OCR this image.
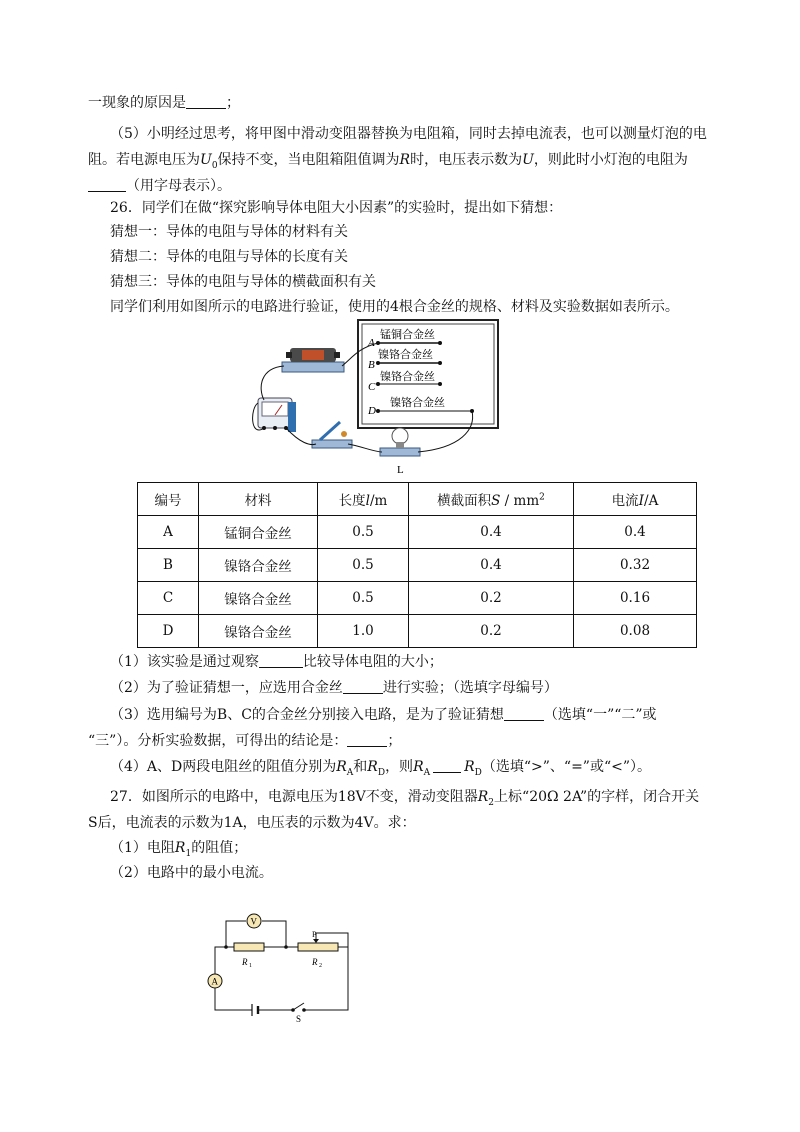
一现象的原因是	；
（5）小明经过思考，将甲图中滑动变阻器替换为电阻箱，同时去掉电流表，也可以测量灯泡的电
阻。若电源电压为$U_0$保持不变，当电阻箱阻值调为R时，电压表示数为U，则此时小灯泡的电阻为
（用字母表示）。
26．同学们在做“探究影响导体电阻大小因素”的实验时，提出如下猜想：
猜想一：导体的电阻与导体的材料有关
猜想二：导体的电阻与导体的长度有关
猜想三：导体的电阻与导体的横截面积有关
同学们利用如图所示的电路进行验证，使用的4根合金丝的规格、材料及实验数据如表所示。
A
锰铜合金丝
B
镍铬合金丝
C
镍铬合金丝
D
镍铬合金丝
L
编号	材料	长度l/m	横截面积S / $mm^2$	电流I/A
A	锰铜合金丝	0.5	0.4	0.4
B	镍铬合金丝	0.5	0.4	0.32
C	镍铬合金丝	0.5	0.2	0.16
D	镍铬合金丝	1.0	0.2	0.08
（1）该实验是通过观察	比较导体电阻的大小；
（2）为了验证猜想一，应选用合金丝	进行实验；（选填字母编号）
（3）选用编号为B、C的合金丝分别接入电路，是为了验证猜想	（选填“一”“二”或
“三”）。分析实验数据，可得出的结论是：	；
（4）A、D两段电阻丝的阻值分别为$R_A$和$R_D$，则$R_A$ $R_D$（选填“>”、“=”或“<”）。
27．如图所示的电路中，电源电压为18V不变，滑动变阻器$R_2$上标“20Ω 2A”的字样，闭合开关
S后，电流表的示数为1A，电压表的示数为4V。求：
（1）电阻$R_1$的阻值；
（2）电路中的最小电流。
R 1
P
R 2
V
A
S
